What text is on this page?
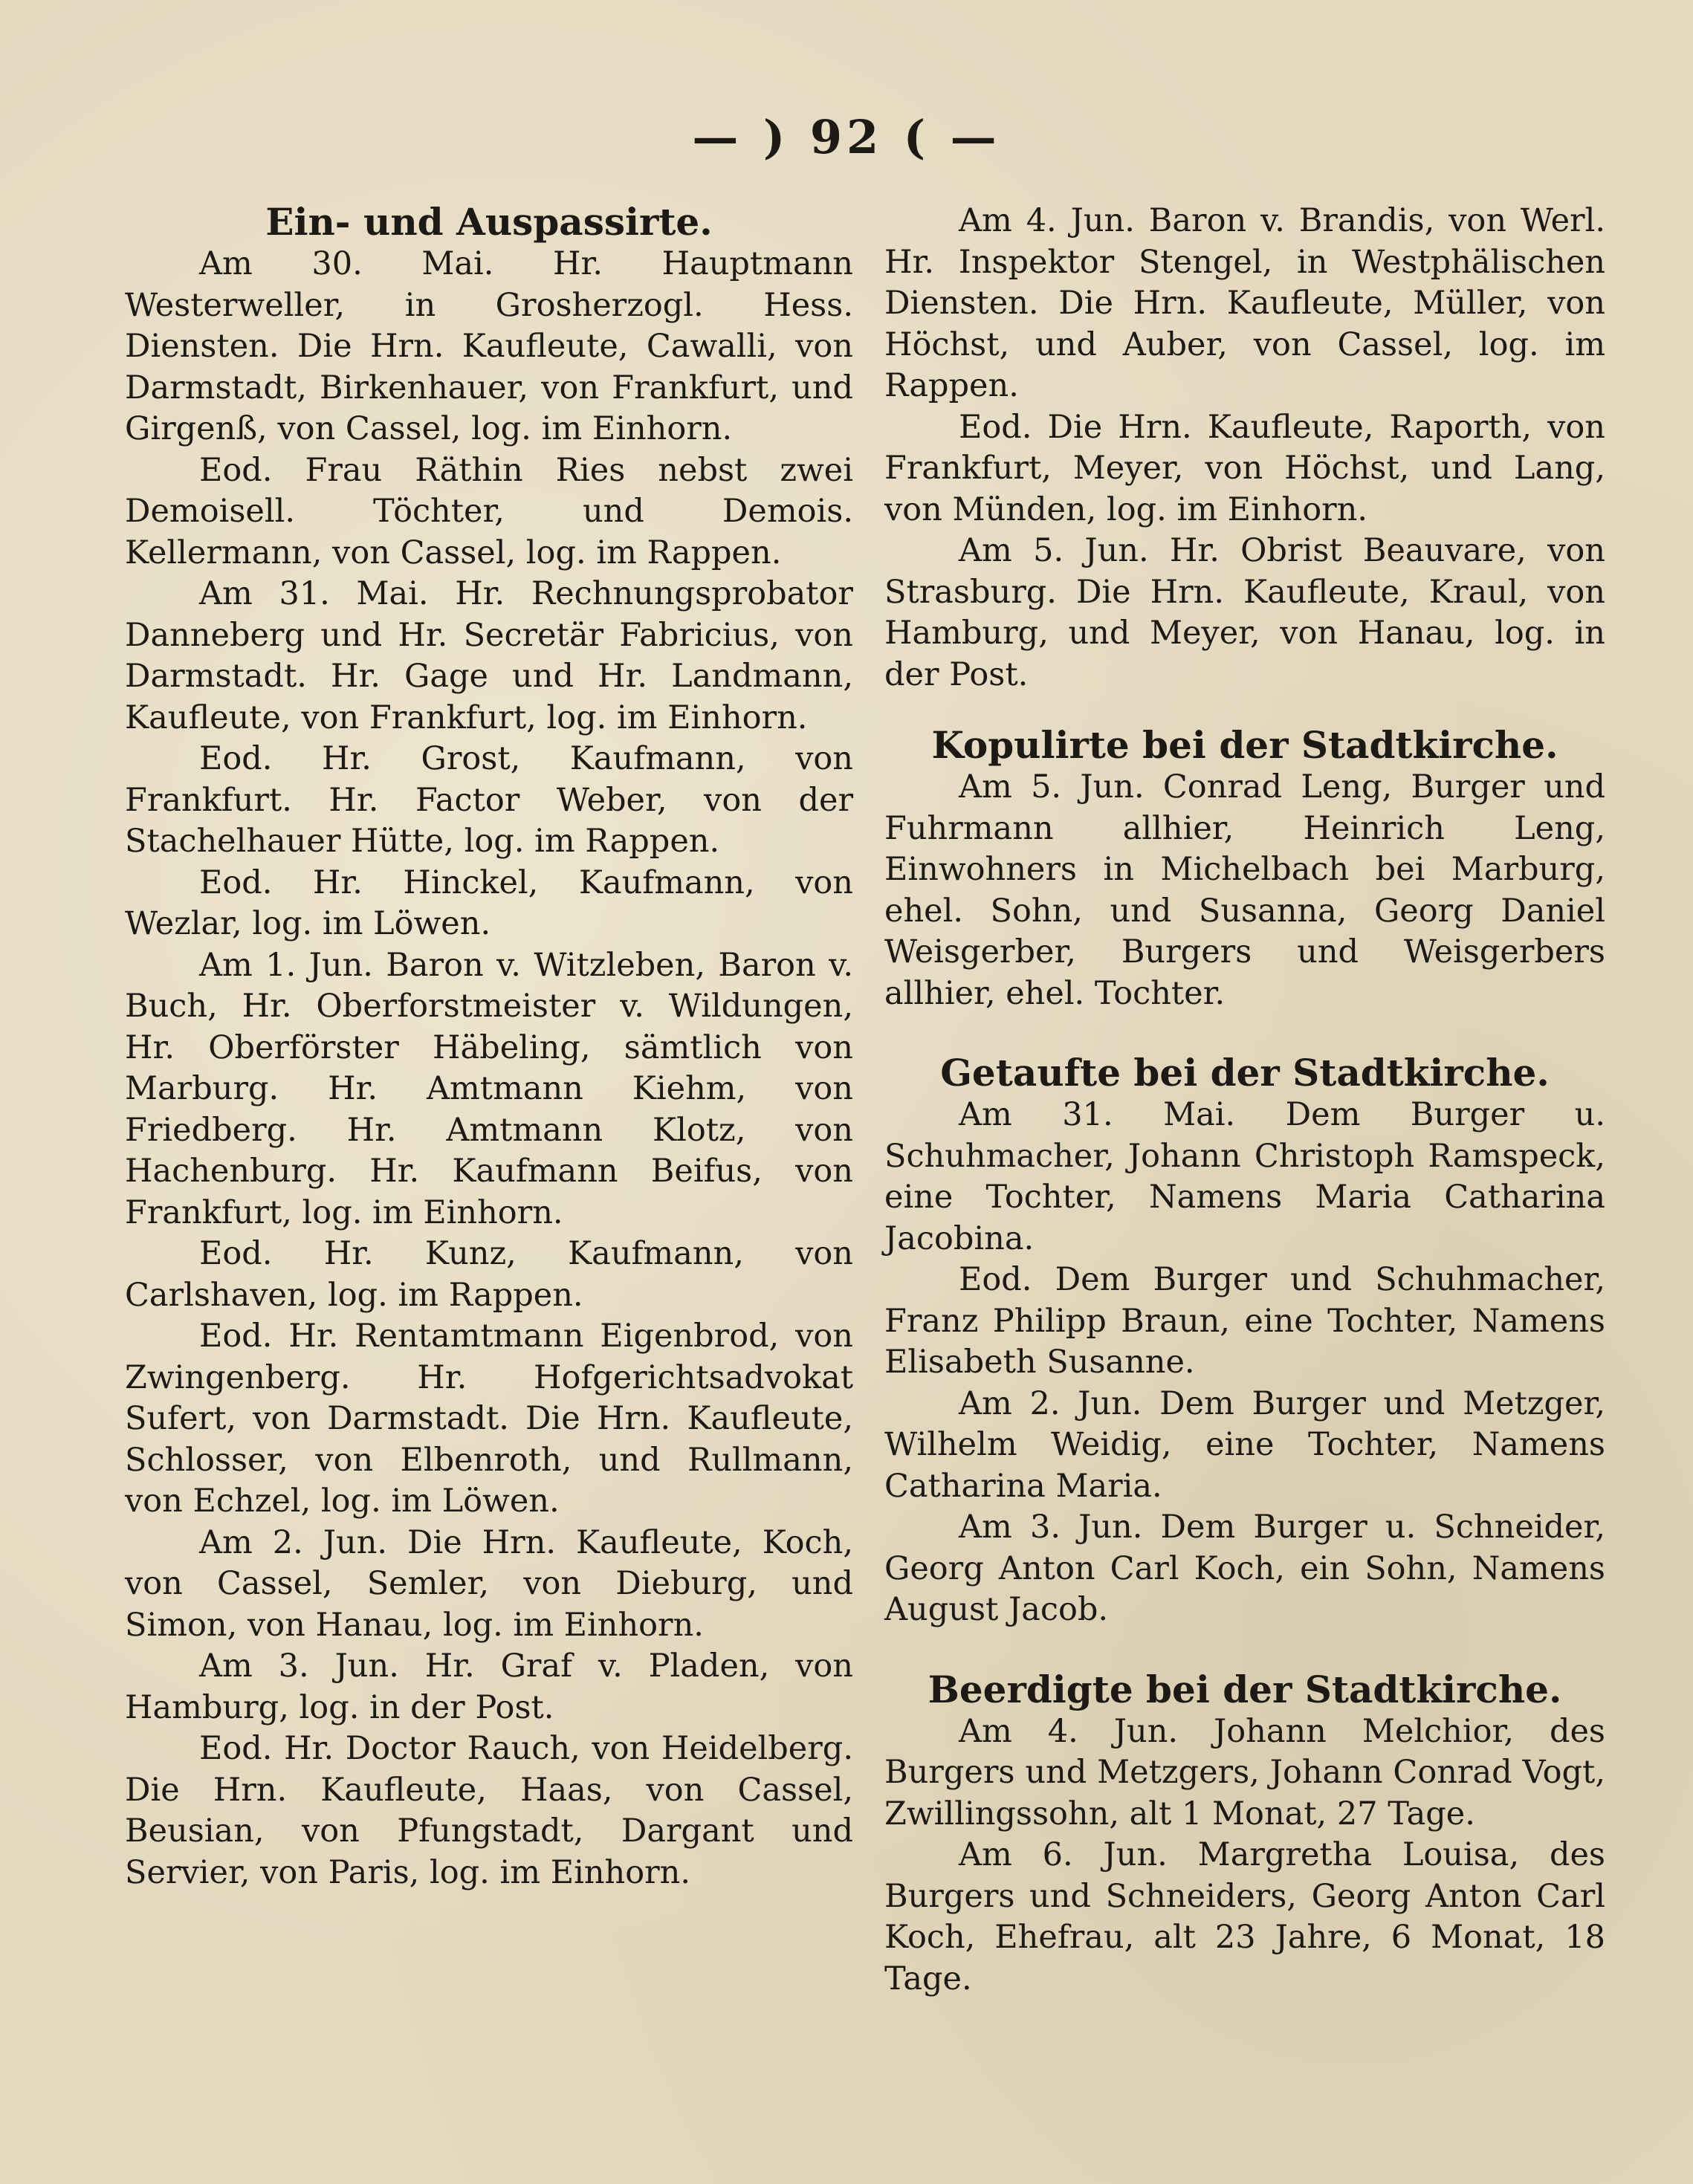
— ) 92 ( —
Ein- und Auspassirte.

Am 30. Mai. Hr. Hauptmann Westerweller, in Grosherzogl. Hess. Diensten. Die Hrn. Kaufleute, Cawalli, von Darmstadt, Birkenhauer, von Frankfurt, und Girgenß, von Cassel, log. im Einhorn.

Eod. Frau Räthin Ries nebst zwei Demoisell. Töchter, und Demois. Kellermann, von Cassel, log. im Rappen.

Am 31. Mai. Hr. Rechnungsprobator Danneberg und Hr. Secretär Fabricius, von Darmstadt. Hr. Gage und Hr. Landmann, Kaufleute, von Frankfurt, log. im Einhorn.

Eod. Hr. Grost, Kaufmann, von Frankfurt. Hr. Factor Weber, von der Stachelhauer Hütte, log. im Rappen.

Eod. Hr. Hinckel, Kaufmann, von Wezlar, log. im Löwen.

Am 1. Jun. Baron v. Witzleben, Baron v. Buch, Hr. Oberforstmeister v. Wildungen, Hr. Oberförster Häbeling, sämtlich von Marburg. Hr. Amtmann Kiehm, von Friedberg. Hr. Amtmann Klotz, von Hachenburg. Hr. Kaufmann Beifus, von Frankfurt, log. im Einhorn.

Eod. Hr. Kunz, Kaufmann, von Carlshaven, log. im Rappen.

Eod. Hr. Rentamtmann Eigenbrod, von Zwingenberg. Hr. Hofgerichtsadvokat Sufert, von Darmstadt. Die Hrn. Kaufleute, Schlosser, von Elbenroth, und Rullmann, von Echzel, log. im Löwen.

Am 2. Jun. Die Hrn. Kaufleute, Koch, von Cassel, Semler, von Dieburg, und Simon, von Hanau, log. im Einhorn.

Am 3. Jun. Hr. Graf v. Pladen, von Hamburg, log. in der Post.

Eod. Hr. Doctor Rauch, von Heidelberg. Die Hrn. Kaufleute, Haas, von Cassel, Beusian, von Pfungstadt, Dargant und Servier, von Paris, log. im Einhorn.

Am 4. Jun. Baron v. Brandis, von Werl. Hr. Inspektor Stengel, in Westphälischen Diensten. Die Hrn. Kaufleute, Müller, von Höchst, und Auber, von Cassel, log. im Rappen.

Eod. Die Hrn. Kaufleute, Raporth, von Frankfurt, Meyer, von Höchst, und Lang, von Münden, log. im Einhorn.

Am 5. Jun. Hr. Obrist Beauvare, von Strasburg. Die Hrn. Kaufleute, Kraul, von Hamburg, und Meyer, von Hanau, log. in der Post.

Kopulirte bei der Stadtkirche.

Am 5. Jun. Conrad Leng, Burger und Fuhrmann allhier, Heinrich Leng, Einwohners in Michelbach bei Marburg, ehel. Sohn, und Susanna, Georg Daniel Weisgerber, Burgers und Weisgerbers allhier, ehel. Tochter.

Getaufte bei der Stadtkirche.

Am 31. Mai. Dem Burger u. Schuhmacher, Johann Christoph Ramspeck, eine Tochter, Namens Maria Catharina Jacobina.

Eod. Dem Burger und Schuhmacher, Franz Philipp Braun, eine Tochter, Namens Elisabeth Susanne.

Am 2. Jun. Dem Burger und Metzger, Wilhelm Weidig, eine Tochter, Namens Catharina Maria.

Am 3. Jun. Dem Burger u. Schneider, Georg Anton Carl Koch, ein Sohn, Namens August Jacob.

Beerdigte bei der Stadtkirche.

Am 4. Jun. Johann Melchior, des Burgers und Metzgers, Johann Conrad Vogt, Zwillingssohn, alt 1 Monat, 27 Tage.

Am 6. Jun. Margretha Louisa, des Burgers und Schneiders, Georg Anton Carl Koch, Ehefrau, alt 23 Jahre, 6 Monat, 18 Tage.
